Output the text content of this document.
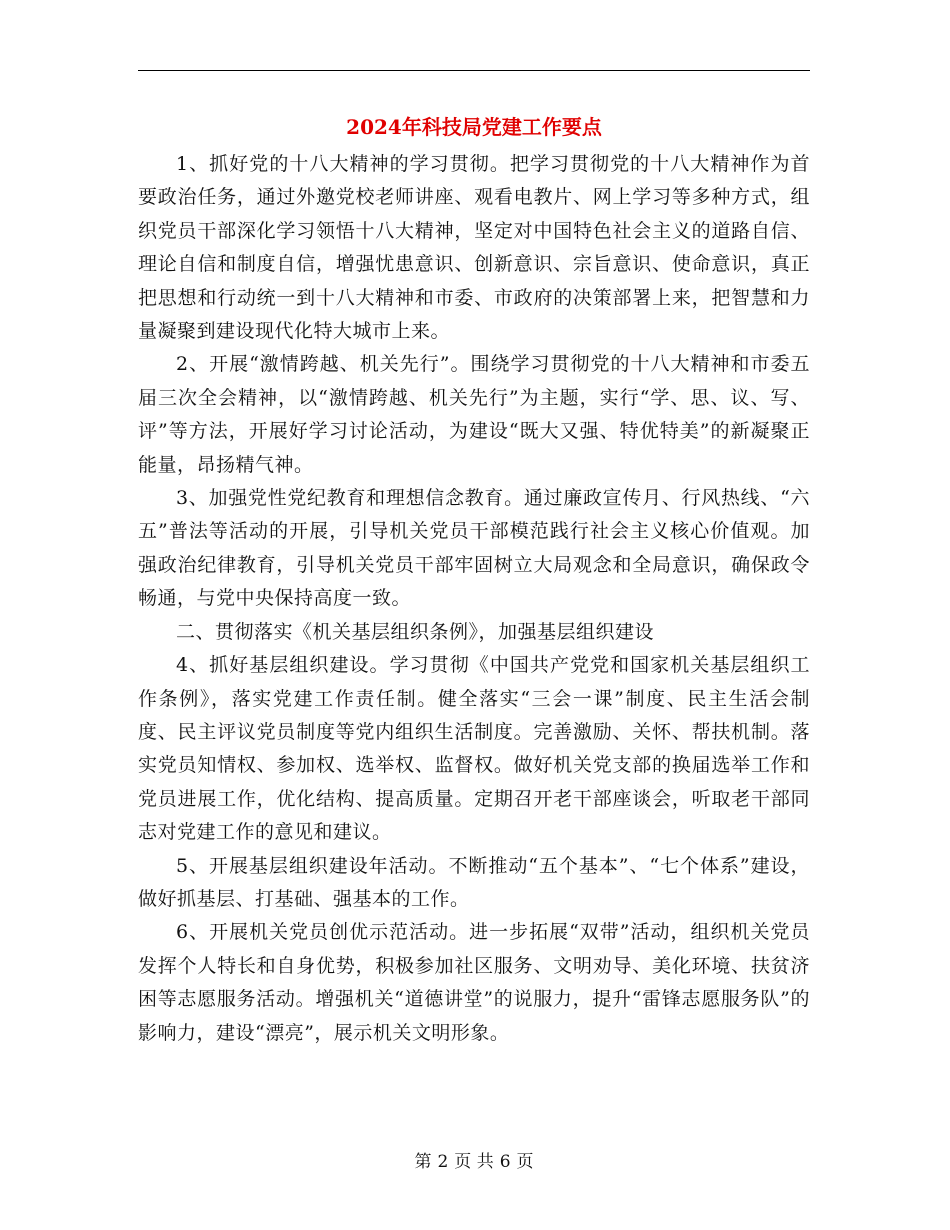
2024年科技局党建工作要点

1、抓好党的十八大精神的学习贯彻。把学习贯彻党的十八大精神作为首要政治任务，通过外邀党校老师讲座、观看电教片、网上学习等多种方式，组织党员干部深化学习领悟十八大精神，坚定对中国特色社会主义的道路自信、理论自信和制度自信，增强忧患意识、创新意识、宗旨意识、使命意识，真正把思想和行动统一到十八大精神和市委、市政府的决策部署上来，把智慧和力量凝聚到建设现代化特大城市上来。

2、开展“激情跨越、机关先行”。围绕学习贯彻党的十八大精神和市委五届三次全会精神，以“激情跨越、机关先行”为主题，实行“学、思、议、写、评”等方法，开展好学习讨论活动，为建设“既大又强、特优特美”的新凝聚正能量，昂扬精气神。

3、加强党性党纪教育和理想信念教育。通过廉政宣传月、行风热线、“六五”普法等活动的开展，引导机关党员干部模范践行社会主义核心价值观。加强政治纪律教育，引导机关党员干部牢固树立大局观念和全局意识，确保政令畅通，与党中央保持高度一致。

二、贯彻落实《机关基层组织条例》，加强基层组织建设

4、抓好基层组织建设。学习贯彻《中国共产党党和国家机关基层组织工作条例》，落实党建工作责任制。健全落实“三会一课”制度、民主生活会制度、民主评议党员制度等党内组织生活制度。完善激励、关怀、帮扶机制。落实党员知情权、参加权、选举权、监督权。做好机关党支部的换届选举工作和党员进展工作，优化结构、提高质量。定期召开老干部座谈会，听取老干部同志对党建工作的意见和建议。

5、开展基层组织建设年活动。不断推动“五个基本”、“七个体系”建设，做好抓基层、打基础、强基本的工作。

6、开展机关党员创优示范活动。进一步拓展“双带”活动，组织机关党员发挥个人特长和自身优势，积极参加社区服务、文明劝导、美化环境、扶贫济困等志愿服务活动。增强机关“道德讲堂”的说服力，提升“雷锋志愿服务队”的影响力，建设“漂亮”，展示机关文明形象。

第 2 页 共 6 页
